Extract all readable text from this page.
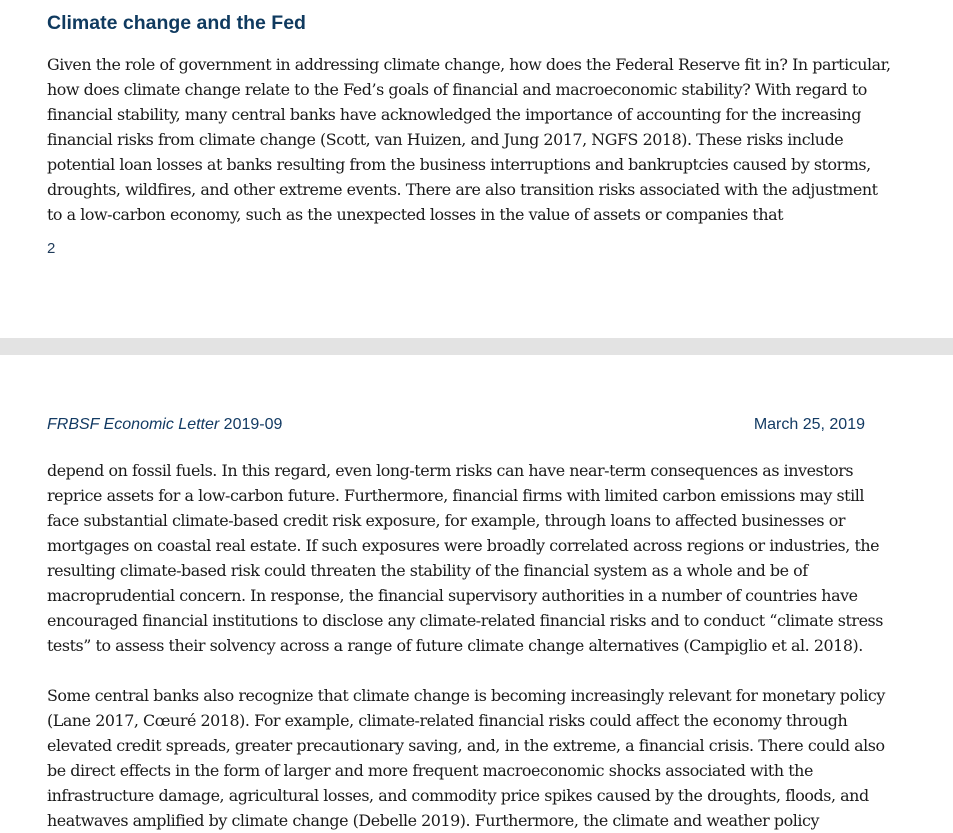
Climate change and the Fed

Given the role of government in addressing climate change, how does the Federal Reserve fit in? In particular, how does climate change relate to the Fed’s goals of financial and macroeconomic stability? With regard to financial stability, many central banks have acknowledged the importance of accounting for the increasing financial risks from climate change (Scott, van Huizen, and Jung 2017, NGFS 2018). These risks include potential loan losses at banks resulting from the business interruptions and bankruptcies caused by storms, droughts, wildfires, and other extreme events. There are also transition risks associated with the adjustment to a low-carbon economy, such as the unexpected losses in the value of assets or companies that

2
FRBSF Economic Letter 2019-09	March 25, 2019

depend on fossil fuels. In this regard, even long-term risks can have near-term consequences as investors reprice assets for a low-carbon future. Furthermore, financial firms with limited carbon emissions may still face substantial climate-based credit risk exposure, for example, through loans to affected businesses or mortgages on coastal real estate. If such exposures were broadly correlated across regions or industries, the resulting climate-based risk could threaten the stability of the financial system as a whole and be of macroprudential concern. In response, the financial supervisory authorities in a number of countries have encouraged financial institutions to disclose any climate-related financial risks and to conduct “climate stress tests” to assess their solvency across a range of future climate change alternatives (Campiglio et al. 2018).

Some central banks also recognize that climate change is becoming increasingly relevant for monetary policy (Lane 2017, Cœuré 2018). For example, climate-related financial risks could affect the economy through elevated credit spreads, greater precautionary saving, and, in the extreme, a financial crisis. There could also be direct effects in the form of larger and more frequent macroeconomic shocks associated with the infrastructure damage, agricultural losses, and commodity price spikes caused by the droughts, floods, and heatwaves amplified by climate change (Debelle 2019). Furthermore, the climate and weather policy
